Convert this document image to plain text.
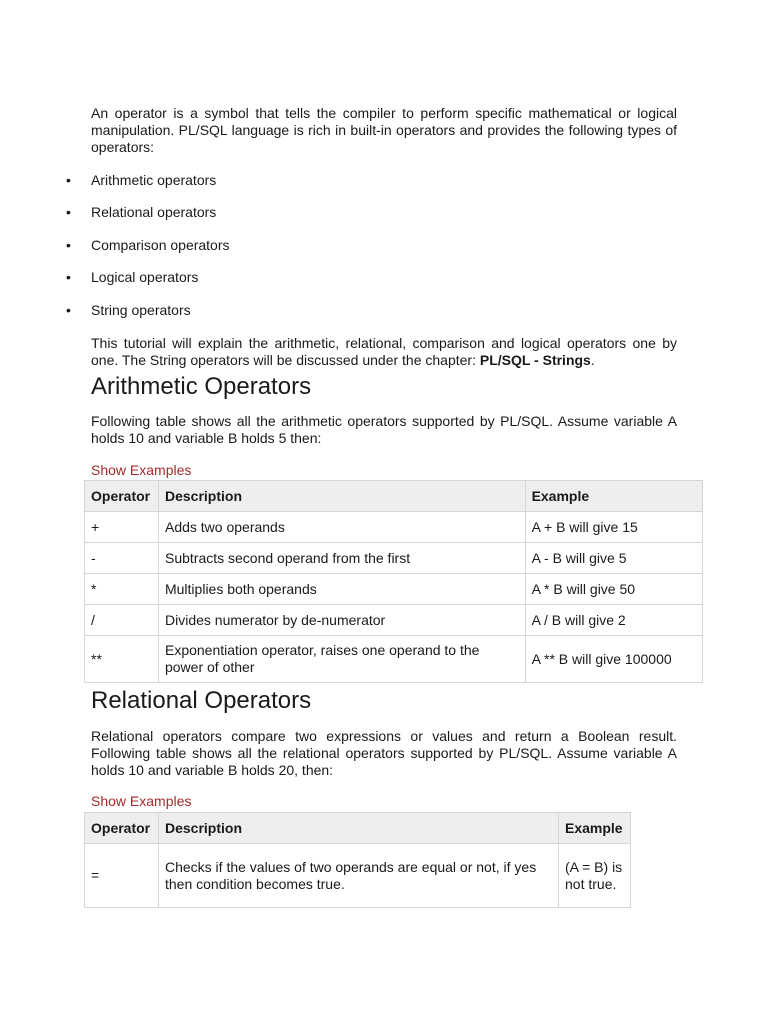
An operator is a symbol that tells the compiler to perform specific mathematical or logical manipulation. PL/SQL language is rich in built-in operators and provides the following types of operators:

• Arithmetic operators
• Relational operators
• Comparison operators
• Logical operators
• String operators

This tutorial will explain the arithmetic, relational, comparison and logical operators one by one. The String operators will be discussed under the chapter: PL/SQL - Strings.

Arithmetic Operators

Following table shows all the arithmetic operators supported by PL/SQL. Assume variable A holds 10 and variable B holds 5 then:

Show Examples
Operator	Description	Example
+	Adds two operands	A + B will give 15
-	Subtracts second operand from the first	A - B will give 5
*	Multiplies both operands	A * B will give 50
/	Divides numerator by de-numerator	A / B will give 2
**	Exponentiation operator, raises one operand to the power of other	A ** B will give 100000
Relational Operators

Relational operators compare two expressions or values and return a Boolean result. Following table shows all the relational operators supported by PL/SQL. Assume variable A holds 10 and variable B holds 20, then:

Show Examples
Operator	Description	Example
=	Checks if the values of two operands are equal or not, if yes then condition becomes true.	(A = B) is not true.
